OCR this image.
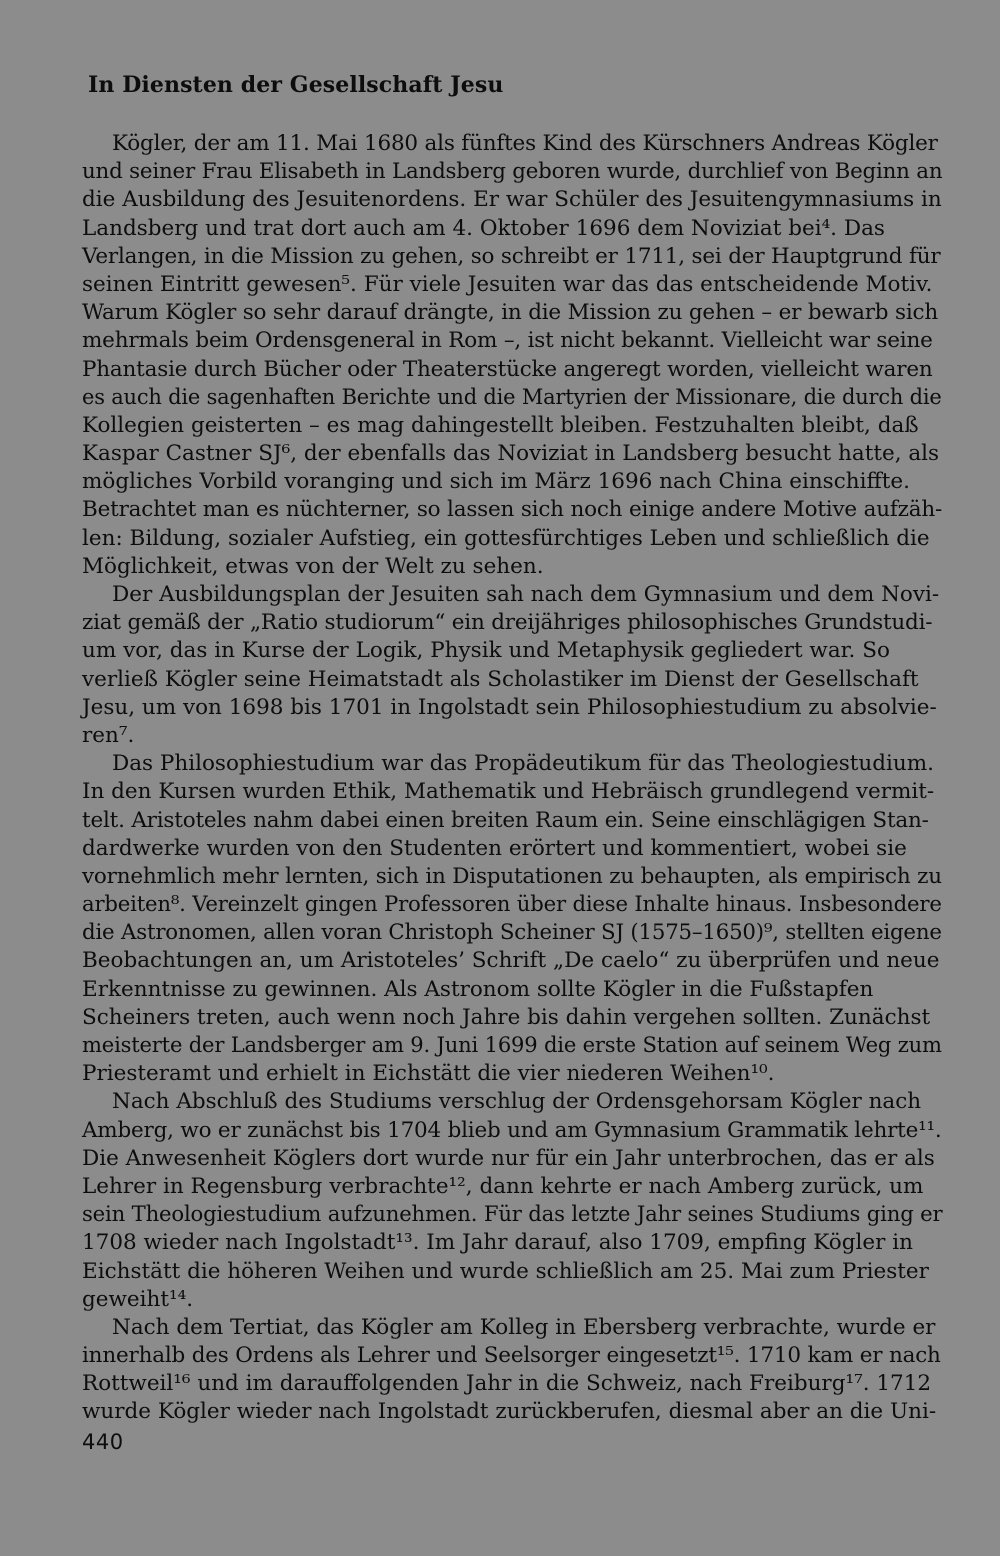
In Diensten der Gesellschaft Jesu
Kögler, der am 11. Mai 1680 als fünftes Kind des Kürschners Andreas Kögler
und seiner Frau Elisabeth in Landsberg geboren wurde, durchlief von Beginn an
die Ausbildung des Jesuitenordens. Er war Schüler des Jesuitengymnasiums in
Landsberg und trat dort auch am 4. Oktober 1696 dem Noviziat bei⁴. Das
Verlangen, in die Mission zu gehen, so schreibt er 1711, sei der Hauptgrund für
seinen Eintritt gewesen⁵. Für viele Jesuiten war das das entscheidende Motiv.
Warum Kögler so sehr darauf drängte, in die Mission zu gehen – er bewarb sich
mehrmals beim Ordensgeneral in Rom –, ist nicht bekannt. Vielleicht war seine
Phantasie durch Bücher oder Theaterstücke angeregt worden, vielleicht waren
es auch die sagenhaften Berichte und die Martyrien der Missionare, die durch die
Kollegien geisterten – es mag dahingestellt bleiben. Festzuhalten bleibt, daß
Kaspar Castner SJ⁶, der ebenfalls das Noviziat in Landsberg besucht hatte, als
mögliches Vorbild voranging und sich im März 1696 nach China einschiffte.
Betrachtet man es nüchterner, so lassen sich noch einige andere Motive aufzäh-
len: Bildung, sozialer Aufstieg, ein gottesfürchtiges Leben und schließlich die
Möglichkeit, etwas von der Welt zu sehen.
Der Ausbildungsplan der Jesuiten sah nach dem Gymnasium und dem Novi-
ziat gemäß der „Ratio studiorum“ ein dreijähriges philosophisches Grundstudi-
um vor, das in Kurse der Logik, Physik und Metaphysik gegliedert war. So
verließ Kögler seine Heimatstadt als Scholastiker im Dienst der Gesellschaft
Jesu, um von 1698 bis 1701 in Ingolstadt sein Philosophiestudium zu absolvie-
ren⁷.
Das Philosophiestudium war das Propädeutikum für das Theologiestudium.
In den Kursen wurden Ethik, Mathematik und Hebräisch grundlegend vermit-
telt. Aristoteles nahm dabei einen breiten Raum ein. Seine einschlägigen Stan-
dardwerke wurden von den Studenten erörtert und kommentiert, wobei sie
vornehmlich mehr lernten, sich in Disputationen zu behaupten, als empirisch zu
arbeiten⁸. Vereinzelt gingen Professoren über diese Inhalte hinaus. Insbesondere
die Astronomen, allen voran Christoph Scheiner SJ (1575–1650)⁹, stellten eigene
Beobachtungen an, um Aristoteles’ Schrift „De caelo“ zu überprüfen und neue
Erkenntnisse zu gewinnen. Als Astronom sollte Kögler in die Fußstapfen
Scheiners treten, auch wenn noch Jahre bis dahin vergehen sollten. Zunächst
meisterte der Landsberger am 9. Juni 1699 die erste Station auf seinem Weg zum
Priesteramt und erhielt in Eichstätt die vier niederen Weihen¹⁰.
Nach Abschluß des Studiums verschlug der Ordensgehorsam Kögler nach
Amberg, wo er zunächst bis 1704 blieb und am Gymnasium Grammatik lehrte¹¹.
Die Anwesenheit Köglers dort wurde nur für ein Jahr unterbrochen, das er als
Lehrer in Regensburg verbrachte¹², dann kehrte er nach Amberg zurück, um
sein Theologiestudium aufzunehmen. Für das letzte Jahr seines Studiums ging er
1708 wieder nach Ingolstadt¹³. Im Jahr darauf, also 1709, empfing Kögler in
Eichstätt die höheren Weihen und wurde schließlich am 25. Mai zum Priester
geweiht¹⁴.
Nach dem Tertiat, das Kögler am Kolleg in Ebersberg verbrachte, wurde er
innerhalb des Ordens als Lehrer und Seelsorger eingesetzt¹⁵. 1710 kam er nach
Rottweil¹⁶ und im darauffolgenden Jahr in die Schweiz, nach Freiburg¹⁷. 1712
wurde Kögler wieder nach Ingolstadt zurückberufen, diesmal aber an die Uni-
440
